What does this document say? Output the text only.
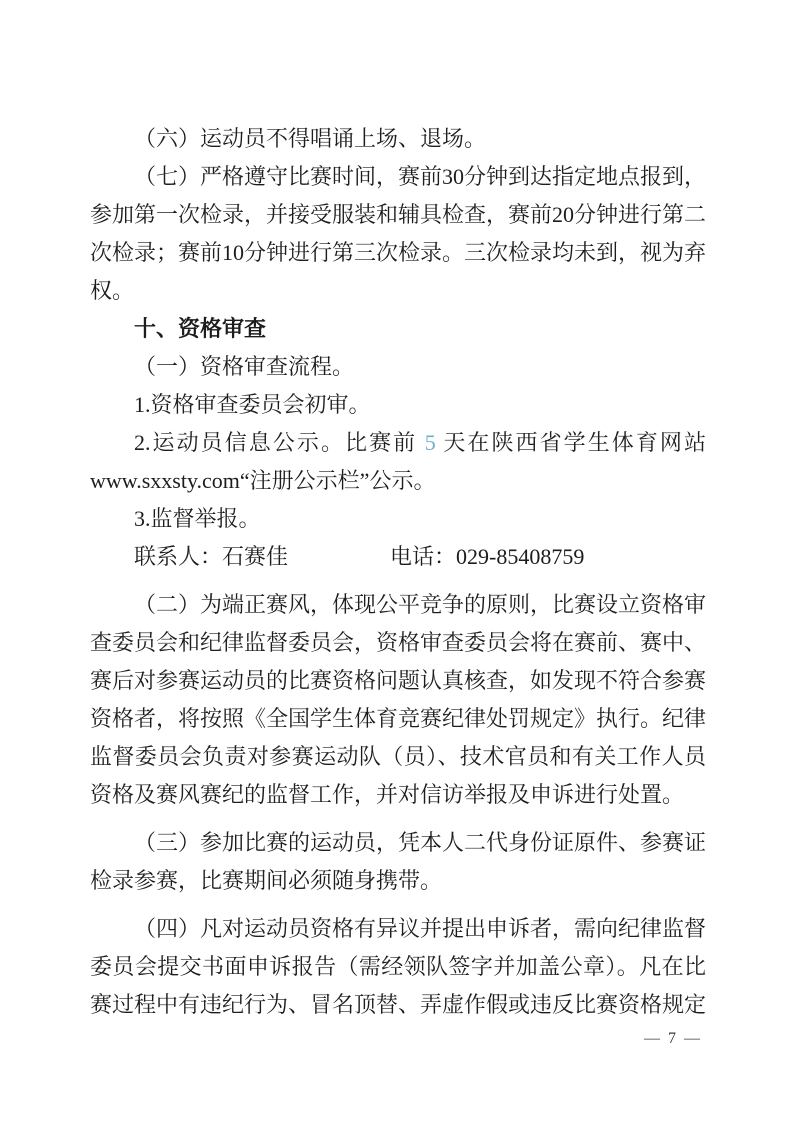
（六）运动员不得唱诵上场、退场。

（七）严格遵守比赛时间，赛前30分钟到达指定地点报到，参加第一次检录，并接受服装和辅具检查，赛前20分钟进行第二次检录；赛前10分钟进行第三次检录。三次检录均未到，视为弃权。

十、资格审查

（一）资格审查流程。

1.资格审查委员会初审。

2.运动员信息公示。比赛前 5 天在陕西省学生体育网站www.sxxsty.com“注册公示栏”公示。

3.监督举报。

联系人：石赛佳	电话：029-85408759

（二）为端正赛风，体现公平竞争的原则，比赛设立资格审查委员会和纪律监督委员会，资格审查委员会将在赛前、赛中、赛后对参赛运动员的比赛资格问题认真核查，如发现不符合参赛资格者，将按照《全国学生体育竞赛纪律处罚规定》执行。纪律监督委员会负责对参赛运动队（员）、技术官员和有关工作人员资格及赛风赛纪的监督工作，并对信访举报及申诉进行处置。

（三）参加比赛的运动员，凭本人二代身份证原件、参赛证检录参赛，比赛期间必须随身携带。

（四）凡对运动员资格有异议并提出申诉者，需向纪律监督委员会提交书面申诉报告（需经领队签字并加盖公章）。凡在比赛过程中有违纪行为、冒名顶替、弄虚作假或违反比赛资格规定

— 7 —
